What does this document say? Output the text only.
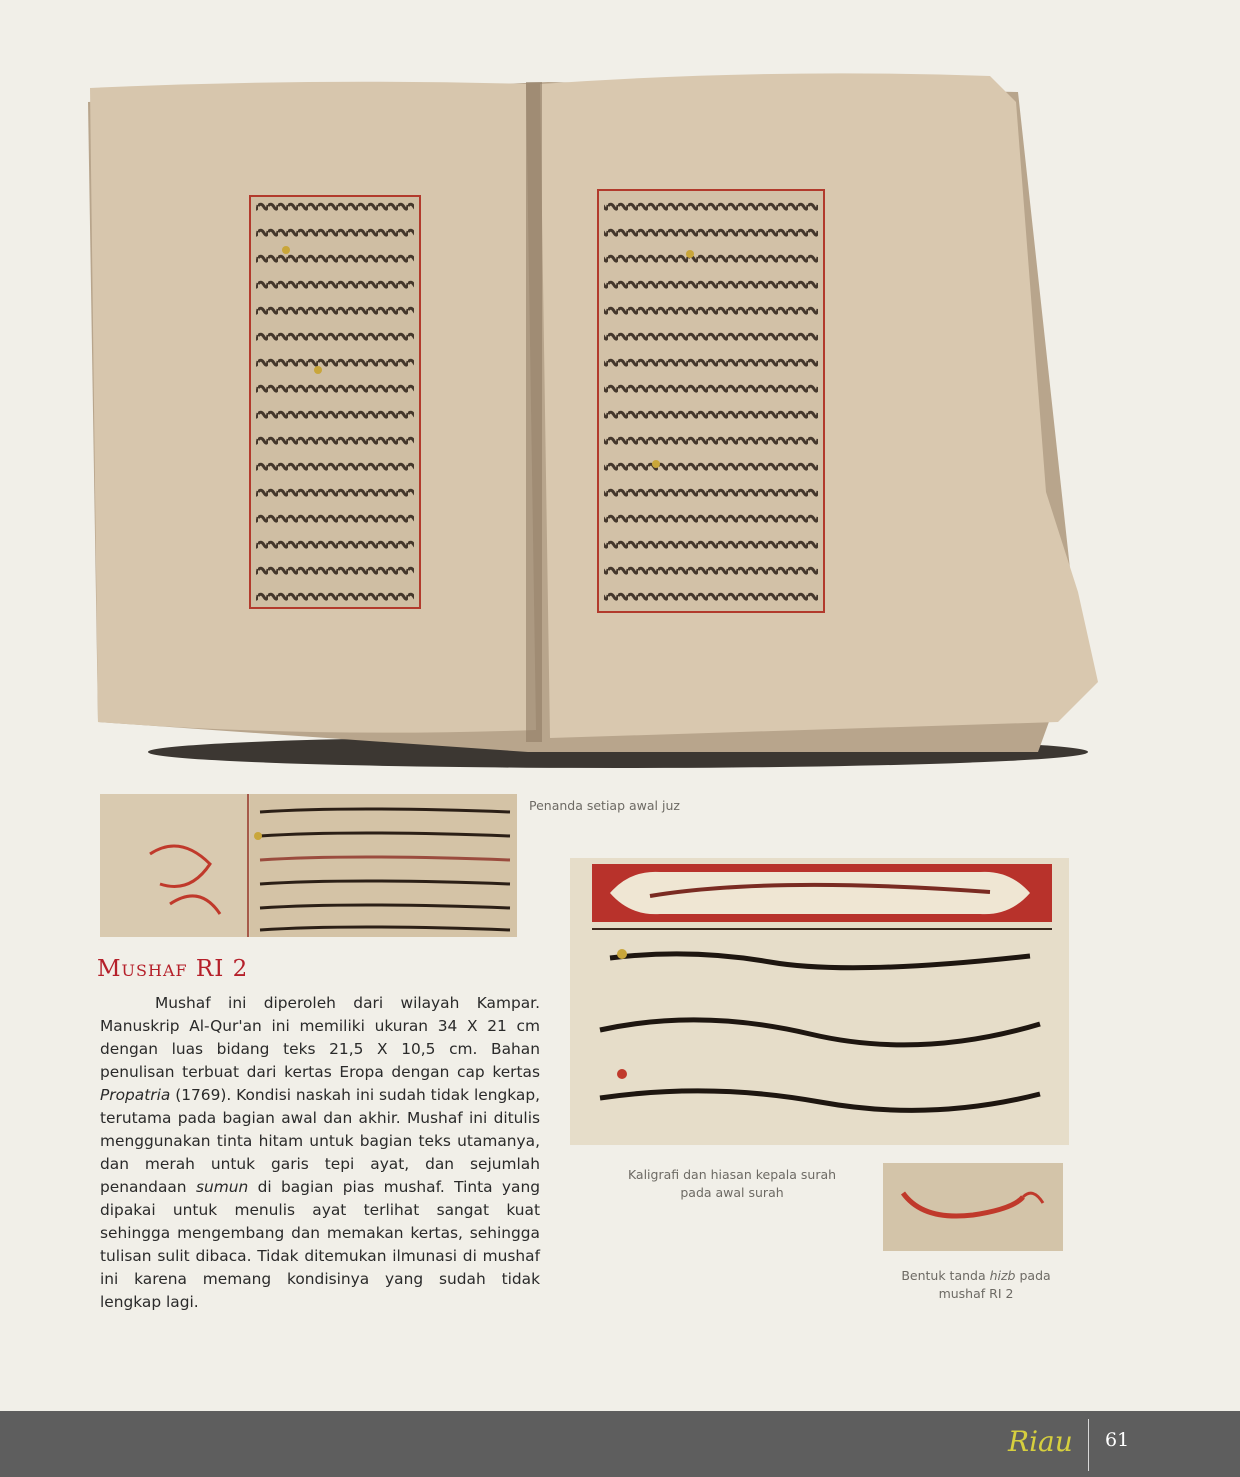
Penanda setiap awal juz
Kaligrafi dan hiasan kepala surah
pada awal surah
Bentuk tanda hizb pada
mushaf RI 2
Mushaf RI 2

Mushaf ini diperoleh dari wilayah Kampar. Manuskrip Al-Qur'an ini memiliki ukuran 34 X 21 cm dengan luas bidang teks 21,5 X 10,5 cm. Bahan penulisan terbuat dari kertas Eropa dengan cap kertas Propatria (1769). Kondisi naskah ini sudah tidak lengkap, terutama pada bagian awal dan akhir. Mushaf ini ditulis menggunakan tinta hitam untuk bagian teks utamanya, dan merah untuk garis tepi ayat, dan sejumlah penandaan sumun di bagian pias mushaf. Tinta yang dipakai untuk menulis ayat terlihat sangat kuat sehingga mengembang dan memakan kertas, sehingga tulisan sulit dibaca. Tidak ditemukan ilmunasi di mushaf ini karena memang kondisinya yang sudah tidak lengkap lagi.

Riau 61
